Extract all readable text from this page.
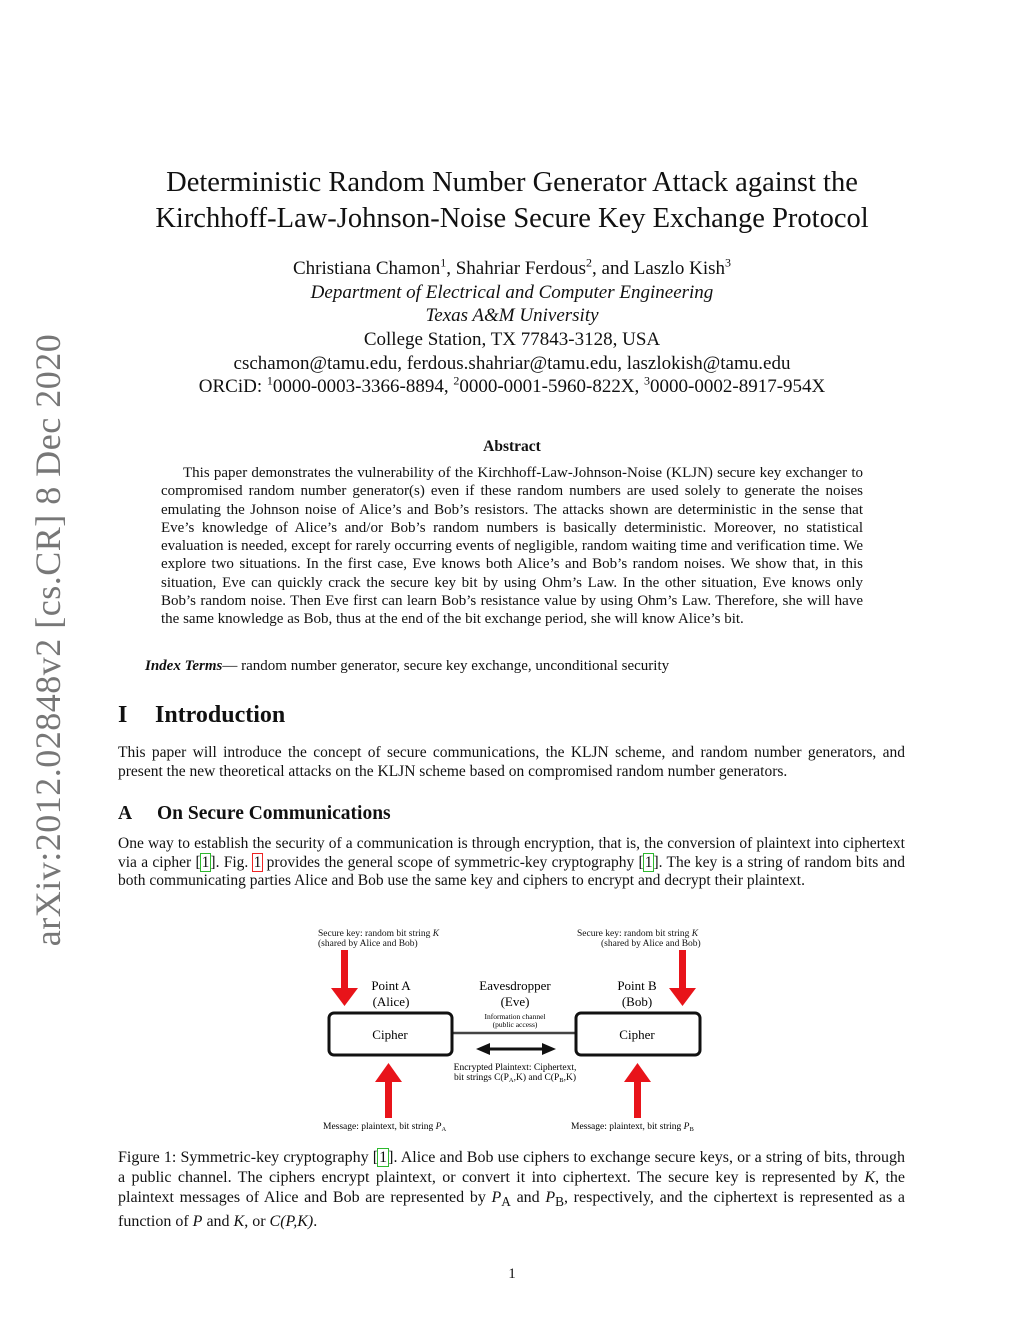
arXiv:2012.02848v2 [cs.CR] 8 Dec 2020
Deterministic Random Number Generator Attack against the
Kirchhoff-Law-Johnson-Noise Secure Key Exchange Protocol
Christiana Chamon$^1$, Shahriar Ferdous$^2$, and Laszlo Kish$^3$
Department of Electrical and Computer Engineering
Texas A&M University
College Station, TX 77843-3128, USA
cschamon@tamu.edu, ferdous.shahriar@tamu.edu, laszlokish@tamu.edu
ORCiD: $^1$0000-0003-3366-8894, $^2$0000-0001-5960-822X, $^3$0000-0002-8917-954X
Abstract
This paper demonstrates the vulnerability of the Kirchhoff-Law-Johnson-Noise (KLJN) secure key exchanger to compromised random number generator(s) even if these random numbers are used solely to generate the noises emulating the Johnson noise of Alice’s and Bob’s resistors. The attacks shown are deterministic in the sense that Eve’s knowledge of Alice’s and/or Bob’s random numbers is basically deterministic. Moreover, no statistical evaluation is needed, except for rarely occurring events of negligible, random waiting time and verification time. We explore two situations. In the first case, Eve knows both Alice’s and Bob’s random noises. We show that, in this situation, Eve can quickly crack the secure key bit by using Ohm’s Law. In the other situation, Eve knows only Bob’s random noise. Then Eve first can learn Bob’s resistance value by using Ohm’s Law. Therefore, she will have the same knowledge as Bob, thus at the end of the bit exchange period, she will know Alice’s bit.
Index Terms— random number generator, secure key exchange, unconditional security
I Introduction
This paper will introduce the concept of secure communications, the KLJN scheme, and random number generators, and present the new theoretical attacks on the KLJN scheme based on compromised random number generators.
A On Secure Communications
One way to establish the security of a communication is through encryption, that is, the conversion of plaintext into ciphertext via a cipher [1]. Fig. 1 provides the general scope of symmetric-key cryptography [1]. The key is a string of random bits and both communicating parties Alice and Bob use the same key and ciphers to encrypt and decrypt their plaintext.
Secure key: random bit string K
(shared by Alice and Bob)
Secure key: random bit string K
(shared by Alice and Bob)
Point A
(Alice)
Eavesdropper
(Eve)
Point B
(Bob)
Information channel
(public access)
Cipher	Cipher
Encrypted Plaintext: Ciphertext,
bit strings $C(P_A,K)$ and $C(P_B,K)$
Message: plaintext, bit string $P_A$	Message: plaintext, bit string $P_B$
Figure 1: Symmetric-key cryptography [1]. Alice and Bob use ciphers to exchange secure keys, or a string of bits, through a public channel. The ciphers encrypt plaintext, or convert it into ciphertext. The secure key is represented by K, the plaintext messages of Alice and Bob are represented by $P_A$ and $P_B$, respectively, and the ciphertext is represented as a function of P and K, or C(P,K).
1
